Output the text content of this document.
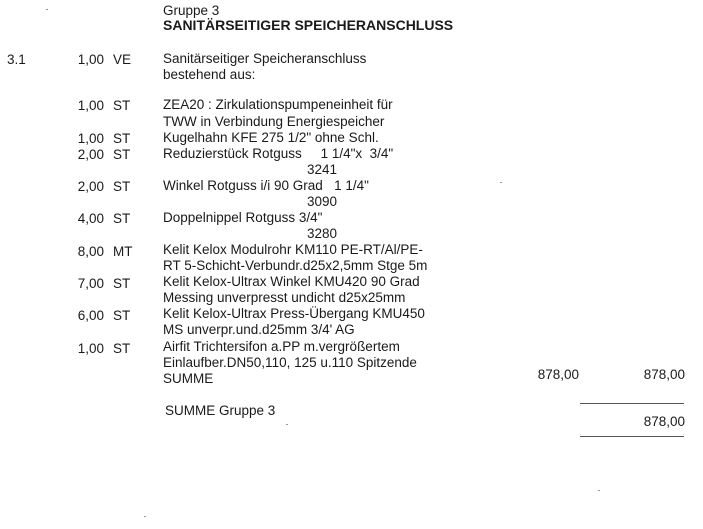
Gruppe 3
SANITÄRSEITIGER SPEICHERANSCHLUSS
3.1	1,00 VE Sanitärseitiger Speicheranschluss
bestehend aus:
1,00 ST ZEA20 : Zirkulationspumpeneinheit für
TWW in Verbindung Energiespeicher
1,00 ST Kugelhahn KFE 275 1/2" ohne Schl.
2,00 ST Reduzierstück Rotguss     1 1/4"x  3/4"
3241
2,00 ST Winkel Rotguss i/i 90 Grad   1 1/4"
3090
4,00 ST Doppelnippel Rotguss 3/4"
3280
8,00 MT Kelit Kelox Modulrohr KM110 PE-RT/Al/PE-
RT 5-Schicht-Verbundr.d25x2,5mm Stge 5m
7,00 ST Kelit Kelox-Ultrax Winkel KMU420 90 Grad
Messing unverpresst undicht d25x25mm
6,00 ST Kelit Kelox-Ultrax Press-Übergang KMU450
MS unverpr.und.d25mm 3/4' AG
1,00 ST Airfit Trichtersifon a.PP m.vergrößertem
Einlaufber.DN50,110, 125 u.110 Spitzende
SUMME	878,00	878,00
SUMME Gruppe 3
878,00
